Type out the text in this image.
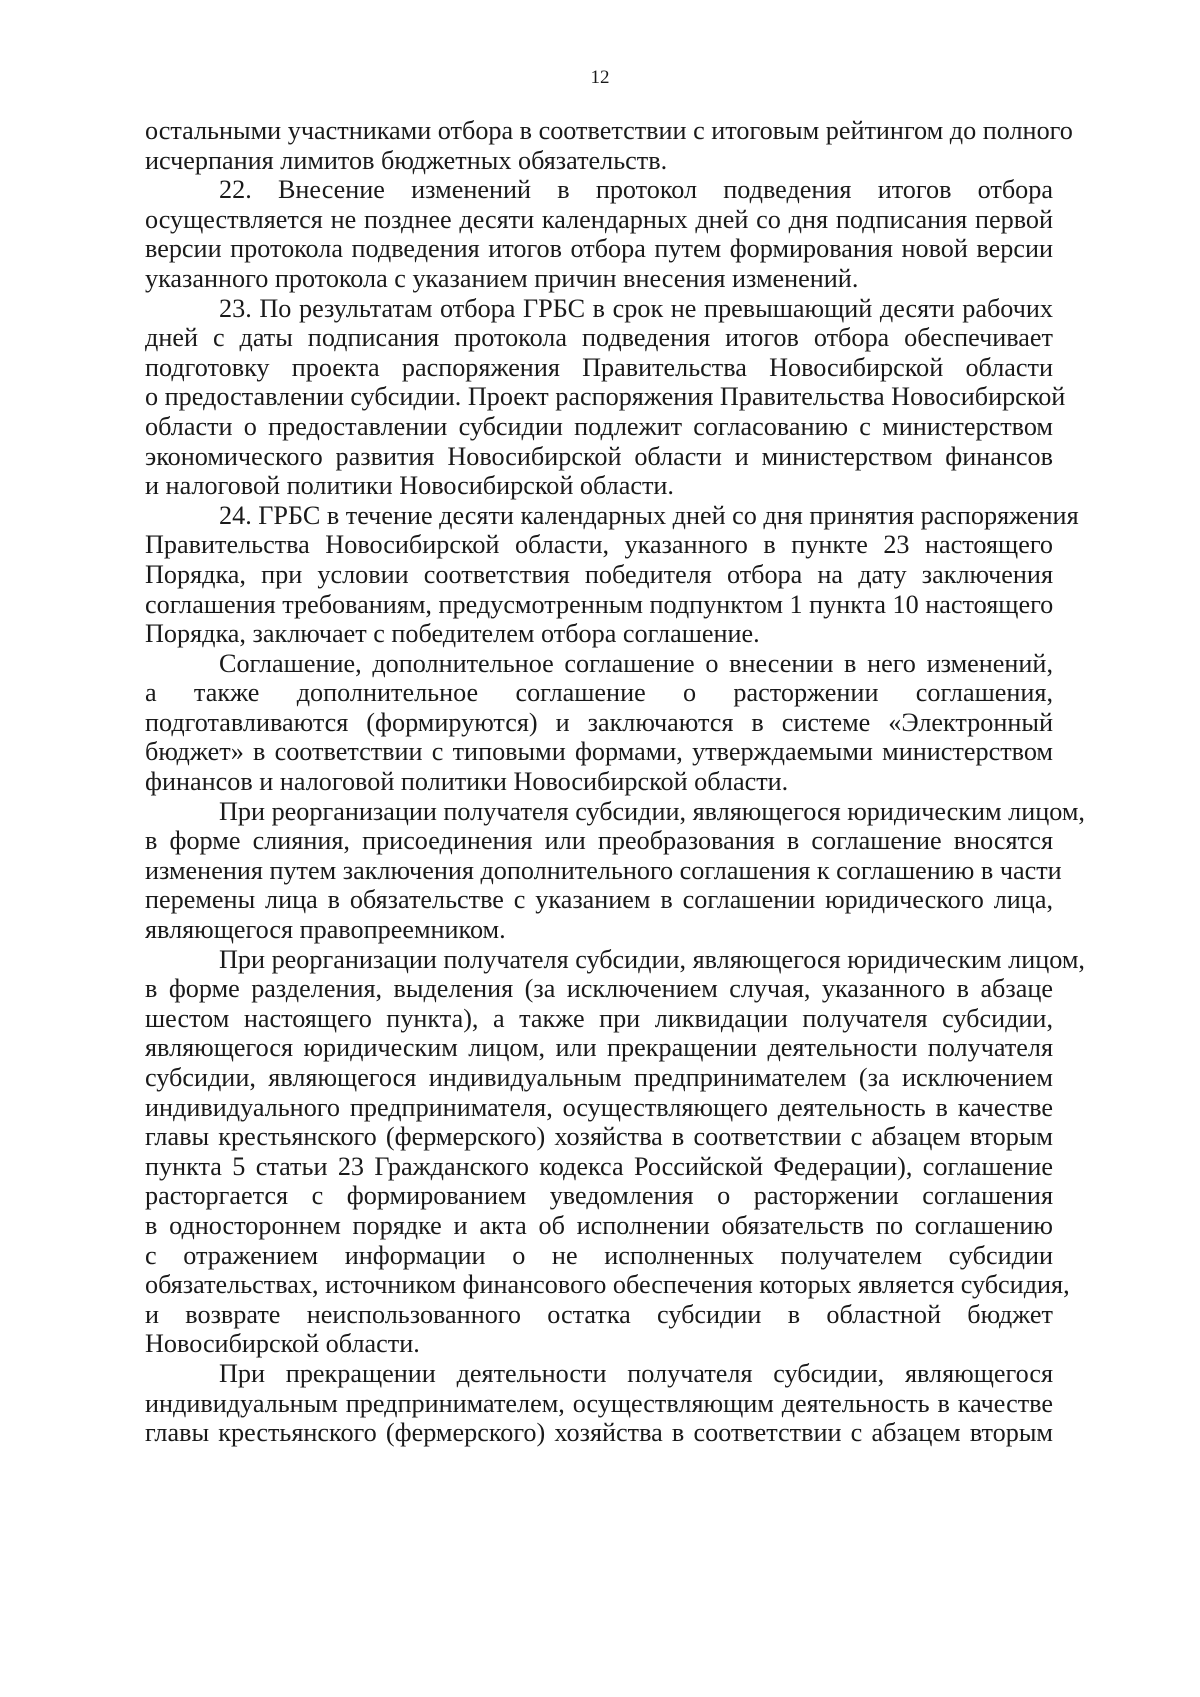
12
остальными участниками отбора в соответствии с итоговым рейтингом до полного
исчерпания лимитов бюджетных обязательств.
22. Внесение изменений в протокол подведения итогов отбора
осуществляется не позднее десяти календарных дней со дня подписания первой
версии протокола подведения итогов отбора путем формирования новой версии
указанного протокола с указанием причин внесения изменений.
23. По результатам отбора ГРБС в срок не превышающий десяти рабочих
дней с даты подписания протокола подведения итогов отбора обеспечивает
подготовку проекта распоряжения Правительства Новосибирской области
о предоставлении субсидии. Проект распоряжения Правительства Новосибирской
области о предоставлении субсидии подлежит согласованию с министерством
экономического развития Новосибирской области и министерством финансов
и налоговой политики Новосибирской области.
24. ГРБС в течение десяти календарных дней со дня принятия распоряжения
Правительства Новосибирской области, указанного в пункте 23 настоящего
Порядка, при условии соответствия победителя отбора на дату заключения
соглашения требованиям, предусмотренным подпунктом 1 пункта 10 настоящего
Порядка, заключает с победителем отбора соглашение.
Соглашение, дополнительное соглашение о внесении в него изменений,
а также дополнительное соглашение о расторжении соглашения,
подготавливаются (формируются) и заключаются в системе «Электронный
бюджет» в соответствии с типовыми формами, утверждаемыми министерством
финансов и налоговой политики Новосибирской области.
При реорганизации получателя субсидии, являющегося юридическим лицом,
в форме слияния, присоединения или преобразования в соглашение вносятся
изменения путем заключения дополнительного соглашения к соглашению в части
перемены лица в обязательстве с указанием в соглашении юридического лица,
являющегося правопреемником.
При реорганизации получателя субсидии, являющегося юридическим лицом,
в форме разделения, выделения (за исключением случая, указанного в абзаце
шестом настоящего пункта), а также при ликвидации получателя субсидии,
являющегося юридическим лицом, или прекращении деятельности получателя
субсидии, являющегося индивидуальным предпринимателем (за исключением
индивидуального предпринимателя, осуществляющего деятельность в качестве
главы крестьянского (фермерского) хозяйства в соответствии с абзацем вторым
пункта 5 статьи 23 Гражданского кодекса Российской Федерации), соглашение
расторгается с формированием уведомления о расторжении соглашения
в одностороннем порядке и акта об исполнении обязательств по соглашению
с отражением информации о не исполненных получателем субсидии
обязательствах, источником финансового обеспечения которых является субсидия,
и возврате неиспользованного остатка субсидии в областной бюджет
Новосибирской области.
При прекращении деятельности получателя субсидии, являющегося
индивидуальным предпринимателем, осуществляющим деятельность в качестве
главы крестьянского (фермерского) хозяйства в соответствии с абзацем вторым
